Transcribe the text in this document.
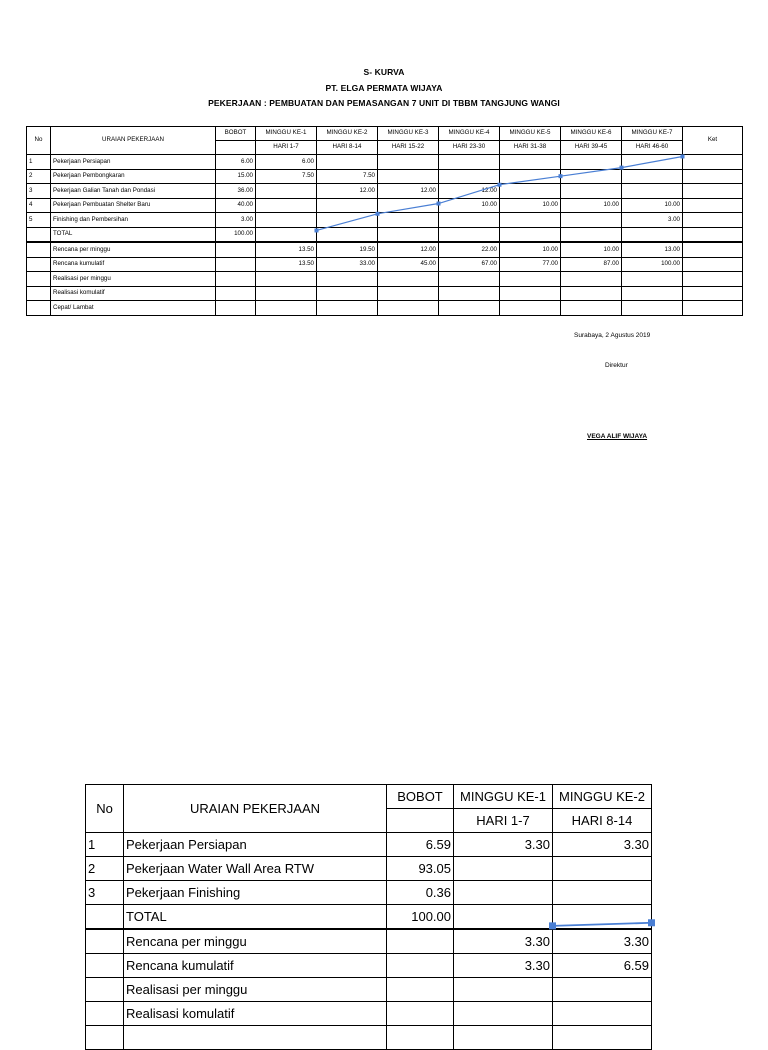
S- KURVA
PT. ELGA PERMATA WIJAYA
PEKERJAAN : PEMBUATAN DAN PEMASANGAN 7 UNIT DI TBBM TANGJUNG WANGI
No	URAIAN PEKERJAAN	BOBOT	MINGGU KE-1	MINGGU KE-2	MINGGU KE-3	MINGGU KE-4	MINGGU KE-5	MINGGU KE-6	MINGGU KE-7	Ket
			HARI 1-7	HARI 8-14	HARI 15-22	HARI 23-30	HARI 31-38	HARI 39-45	HARI 46-60	
1	Pekerjaan Persiapan	6.00	6.00							
2	Pekerjaan Pembongkaran	15.00	7.50	7.50						
3	Pekerjaan Galian Tanah dan Pondasi	36.00		12.00	12.00	12.00				
4	Pekerjaan Pembuatan Shelter Baru	40.00				10.00	10.00	10.00	10.00	
5	Finishing dan Pembersihan	3.00							3.00	
	TOTAL	100.00								
	Rencana per minggu		13.50	19.50	12.00	22.00	10.00	10.00	13.00	
	Rencana kumulatif		13.50	33.00	45.00	67.00	77.00	87.00	100.00	
	Realisasi per minggu									
	Realisasi komulatif									
	Cepat/ Lambat									
Surabaya, 2 Agustus 2019
Direktur
VEGA ALIF WIJAYA
No	URAIAN PEKERJAAN	BOBOT	MINGGU KE-1	MINGGU KE-2
			HARI 1-7	HARI 8-14
1	Pekerjaan Persiapan	6.59	3.30	3.30
2	Pekerjaan Water Wall Area RTW	93.05		
3	Pekerjaan Finishing	0.36		
	TOTAL	100.00		
	Rencana per minggu		3.30	3.30
	Rencana kumulatif		3.30	6.59
	Realisasi per minggu			
	Realisasi komulatif			
